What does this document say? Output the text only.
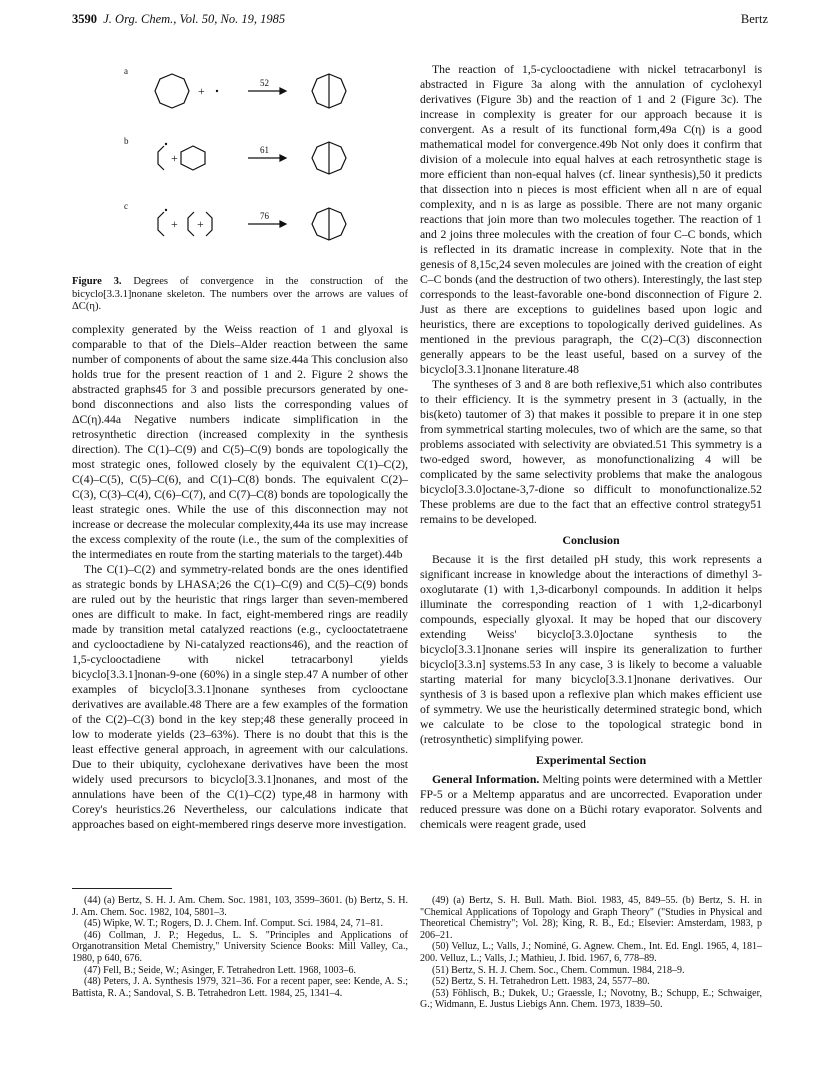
3590 J. Org. Chem., Vol. 50, No. 19, 1985	Bertz
a
52
b
61
c
76
+
+
+ +
Figure 3. Degrees of convergence in the construction of the bicyclo[3.3.1]nonane skeleton. The numbers over the arrows are values of ΔC(η).

complexity generated by the Weiss reaction of 1 and glyoxal is comparable to that of the Diels–Alder reaction between the same number of components of about the same size.44a This conclusion also holds true for the present reaction of 1 and 2. Figure 2 shows the abstracted graphs45 for 3 and possible precursors generated by one-bond disconnections and also lists the corresponding values of ΔC(η).44a Negative numbers indicate simplification in the retrosynthetic direction (increased complexity in the synthesis direction). The C(1)–C(9) and C(5)–C(9) bonds are topologically the most strategic ones, followed closely by the equivalent C(1)–C(2), C(4)–C(5), C(5)–C(6), and C(1)–C(8) bonds. The equivalent C(2)–C(3), C(3)–C(4), C(6)–C(7), and C(7)–C(8) bonds are topologically the least strategic ones. While the use of this disconnection may not increase or decrease the molecular complexity,44a its use may increase the excess complexity of the route (i.e., the sum of the complexities of the intermediates en route from the starting materials to the target).44b

The C(1)–C(2) and symmetry-related bonds are the ones identified as strategic bonds by LHASA;26 the C(1)–C(9) and C(5)–C(9) bonds are ruled out by the heuristic that rings larger than seven-membered ones are difficult to make. In fact, eight-membered rings are readily made by transition metal catalyzed reactions (e.g., cyclooctatetraene and cyclooctadiene by Ni-catalyzed reactions46), and the reaction of 1,5-cyclooctadiene with nickel tetracarbonyl yields bicyclo[3.3.1]nonan-9-one (60%) in a single step.47 A number of other examples of bicyclo[3.3.1]nonane syntheses from cyclooctane derivatives are available.48 There are a few examples of the formation of the C(2)–C(3) bond in the key step;48 these generally proceed in low to moderate yields (23–63%). There is no doubt that this is the least effective general approach, in agreement with our calculations. Due to their ubiquity, cyclohexane derivatives have been the most widely used precursors to bicyclo[3.3.1]nonanes, and most of the annulations have been of the C(1)–C(2) type,48 in harmony with Corey's heuristics.26 Nevertheless, our calculations indicate that approaches based on eight-membered rings deserve more investigation.

The reaction of 1,5-cyclooctadiene with nickel tetracarbonyl is abstracted in Figure 3a along with the annulation of cyclohexyl derivatives (Figure 3b) and the reaction of 1 and 2 (Figure 3c). The increase in complexity is greater for our approach because it is convergent. As a result of its functional form,49a C(η) is a good mathematical model for convergence.49b Not only does it confirm that division of a molecule into equal halves at each retrosynthetic stage is more efficient than non-equal halves (cf. linear synthesis),50 it predicts that dissection into n pieces is most efficient when all n are of equal complexity, and n is as large as possible. There are not many organic reactions that join more than two molecules together. The reaction of 1 and 2 joins three molecules with the creation of four C–C bonds, which is reflected in its dramatic increase in complexity. Note that in the genesis of 8,15c,24 seven molecules are joined with the creation of eight C–C bonds (and the destruction of two others). Interestingly, the last step corresponds to the least-favorable one-bond disconnection of Figure 2. Just as there are exceptions to guidelines based upon logic and heuristics, there are exceptions to topologically derived guidelines. As mentioned in the previous paragraph, the C(2)–C(3) disconnection generally appears to be the least useful, based on a survey of the bicyclo[3.3.1]nonane literature.48

The syntheses of 3 and 8 are both reflexive,51 which also contributes to their efficiency. It is the symmetry present in 3 (actually, in the bis(keto) tautomer of 3) that makes it possible to prepare it in one step from symmetrical starting molecules, two of which are the same, so that problems associated with selectivity are obviated.51 This symmetry is a two-edged sword, however, as monofunctionalizing 4 will be complicated by the same selectivity problems that make the analogous bicyclo[3.3.0]octane-3,7-dione so difficult to monofunctionalize.52 These problems are due to the fact that an effective control strategy51 remains to be developed.

Conclusion

Because it is the first detailed pH study, this work represents a significant increase in knowledge about the interactions of dimethyl 3-oxoglutarate (1) with 1,3-dicarbonyl compounds. In addition it helps illuminate the corresponding reaction of 1 with 1,2-dicarbonyl compounds, especially glyoxal. It may be hoped that our discovery extending Weiss' bicyclo[3.3.0]octane synthesis to the bicyclo[3.3.1]nonane series will inspire its generalization to further bicyclo[3.3.n] systems.53 In any case, 3 is likely to become a valuable starting material for many bicyclo[3.3.1]nonane derivatives. Our synthesis of 3 is based upon a reflexive plan which makes efficient use of symmetry. We use the heuristically determined strategic bond, which we calculate to be close to the topological strategic bond in (retrosynthetic) simplifying power.

Experimental Section

General Information. Melting points were determined with a Mettler FP-5 or a Meltemp apparatus and are uncorrected. Evaporation under reduced pressure was done on a Büchi rotary evaporator. Solvents and chemicals were reagent grade, used

(44) (a) Bertz, S. H. J. Am. Chem. Soc. 1981, 103, 3599–3601. (b) Bertz, S. H. J. Am. Chem. Soc. 1982, 104, 5801–3.
(45) Wipke, W. T.; Rogers, D. J. Chem. Inf. Comput. Sci. 1984, 24, 71–81.
(46) Collman, J. P.; Hegedus, L. S. "Principles and Applications of Organotransition Metal Chemistry," University Science Books: Mill Valley, Ca., 1980, p 640, 676.
(47) Fell, B.; Seide, W.; Asinger, F. Tetrahedron Lett. 1968, 1003–6.
(48) Peters, J. A. Synthesis 1979, 321–36. For a recent paper, see: Kende, A. S.; Battista, R. A.; Sandoval, S. B. Tetrahedron Lett. 1984, 25, 1341–4.
(49) (a) Bertz, S. H. Bull. Math. Biol. 1983, 45, 849–55. (b) Bertz, S. H. in "Chemical Applications of Topology and Graph Theory" ("Studies in Physical and Theoretical Chemistry"; Vol. 28); King, R. B., Ed.; Elsevier: Amsterdam, 1983, p 206–21.
(50) Velluz, L.; Valls, J.; Nominé, G. Agnew. Chem., Int. Ed. Engl. 1965, 4, 181–200. Velluz, L.; Valls, J.; Mathieu, J. Ibid. 1967, 6, 778–89.
(51) Bertz, S. H. J. Chem. Soc., Chem. Commun. 1984, 218–9.
(52) Bertz, S. H. Tetrahedron Lett. 1983, 24, 5577–80.
(53) Föhlisch, B.; Dukek, U.; Graessle, I.; Novotny, B.; Schupp, E.; Schwaiger, G.; Widmann, E. Justus Liebigs Ann. Chem. 1973, 1839–50.
